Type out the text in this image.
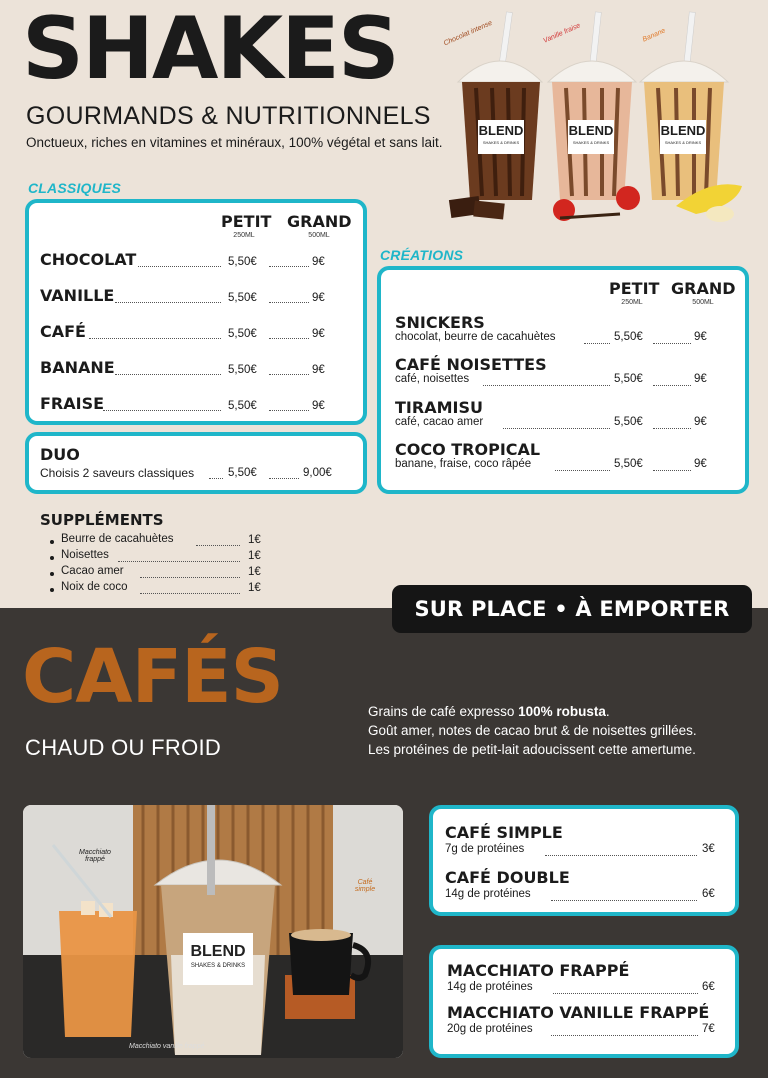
SHAKES
GOURMANDS & NUTRITIONNELS
Onctueux, riches en vitamines et minéraux, 100% végétal et sans lait.
Chocolat intense	Vanille fraise	Banane
BLEND
SHAKES & DRINKS
BLEND
SHAKES & DRINKS
BLEND
SHAKES & DRINKS
CLASSIQUES
PETIT
250ML
GRAND
500ML
CHOCOLAT	5,50€	9€
VANILLE	5,50€	9€
CAFÉ	5,50€	9€
BANANE	5,50€	9€
FRAISE	5,50€	9€
DUO
Choisis 2 saveurs classiques	5,50€	9,00€
CRÉATIONS
PETIT
250ML
GRAND
500ML
SNICKERS
chocolat, beurre de cacahuètes	5,50€	9€
CAFÉ NOISETTES
café, noisettes	5,50€	9€
TIRAMISU
café, cacao amer	5,50€	9€
COCO TROPICAL
banane, fraise, coco râpée	5,50€	9€
SUPPLÉMENTS
Beurre de cacahuètes	1€
Noisettes	1€
Cacao amer	1€
Noix de coco	1€
SUR PLACE • À EMPORTER
CAFÉS
CHAUD OU FROID
Grains de café expresso 100% robusta.
Goût amer, notes de cacao brut & de noisettes grillées.
Les protéines de petit-lait adoucissent cette amertume.
Macchiato frappé
Café simple
Macchiato vanille frappé
BLEND
SHAKES & DRINKS
CAFÉ SIMPLE
7g de protéines	3€
CAFÉ DOUBLE
14g de protéines	6€
MACCHIATO FRAPPÉ
14g de protéines	6€
MACCHIATO VANILLE FRAPPÉ
20g de protéines	7€
